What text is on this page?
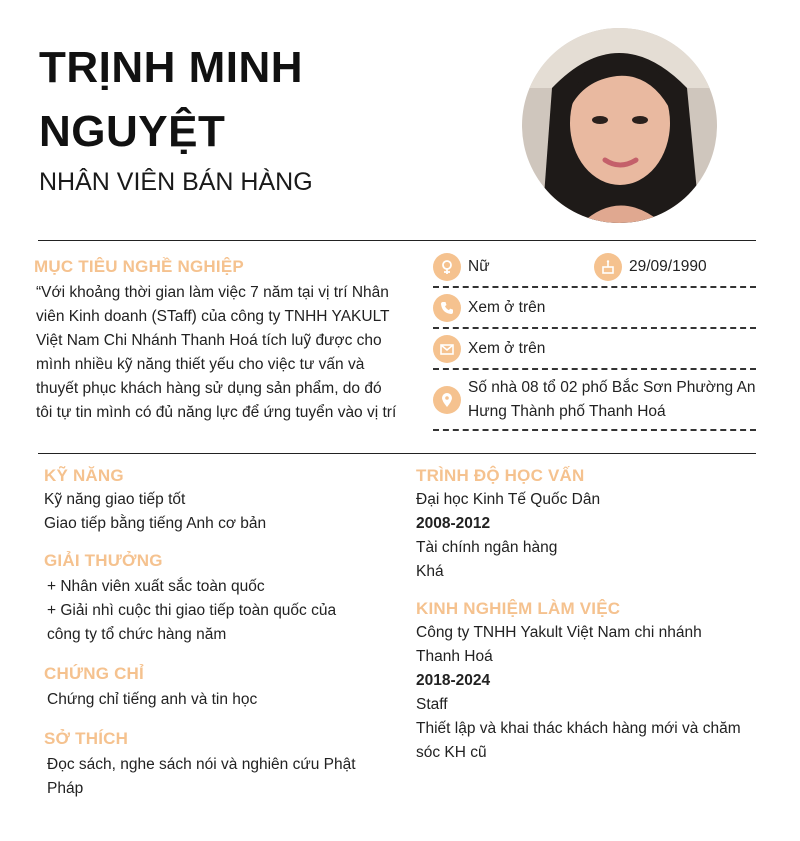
TRỊNH MINH
NGUYỆT
NHÂN VIÊN BÁN HÀNG
MỤC TIÊU NGHỀ NGHIỆP
“Với khoảng thời gian làm việc 7 năm tại vị trí Nhân
viên Kinh doanh (STaff) của công ty TNHH YAKULT
Việt Nam Chi Nhánh Thanh Hoá tích luỹ được cho
mình nhiều kỹ năng thiết yếu cho việc tư vấn và
thuyết phục khách hàng sử dụng sản phẩm, do đó
tôi tự tin mình có đủ năng lực để ứng tuyển vào vị trí
Nữ	29/09/1990
Xem ở trên
Xem ở trên
Số nhà 08 tổ 02 phố Bắc Sơn Phường An
Hưng Thành phố Thanh Hoá
KỸ NĂNG
Kỹ năng giao tiếp tốt
Giao tiếp bằng tiếng Anh cơ bản
GIẢI THƯỞNG
+ Nhân viên xuất sắc toàn quốc
+ Giải nhì cuộc thi giao tiếp toàn quốc của
công ty tổ chức hàng năm
CHỨNG CHỈ
Chứng chỉ tiếng anh và tin học
SỞ THÍCH
Đọc sách, nghe sách nói và nghiên cứu Phật
Pháp
TRÌNH ĐỘ HỌC VẤN
Đại học Kinh Tế Quốc Dân
2008-2012
Tài chính ngân hàng
Khá
KINH NGHIỆM LÀM VIỆC
Công ty TNHH Yakult Việt Nam chi nhánh
Thanh Hoá
2018-2024
Staff
Thiết lập và khai thác khách hàng mới và chăm
sóc KH cũ
